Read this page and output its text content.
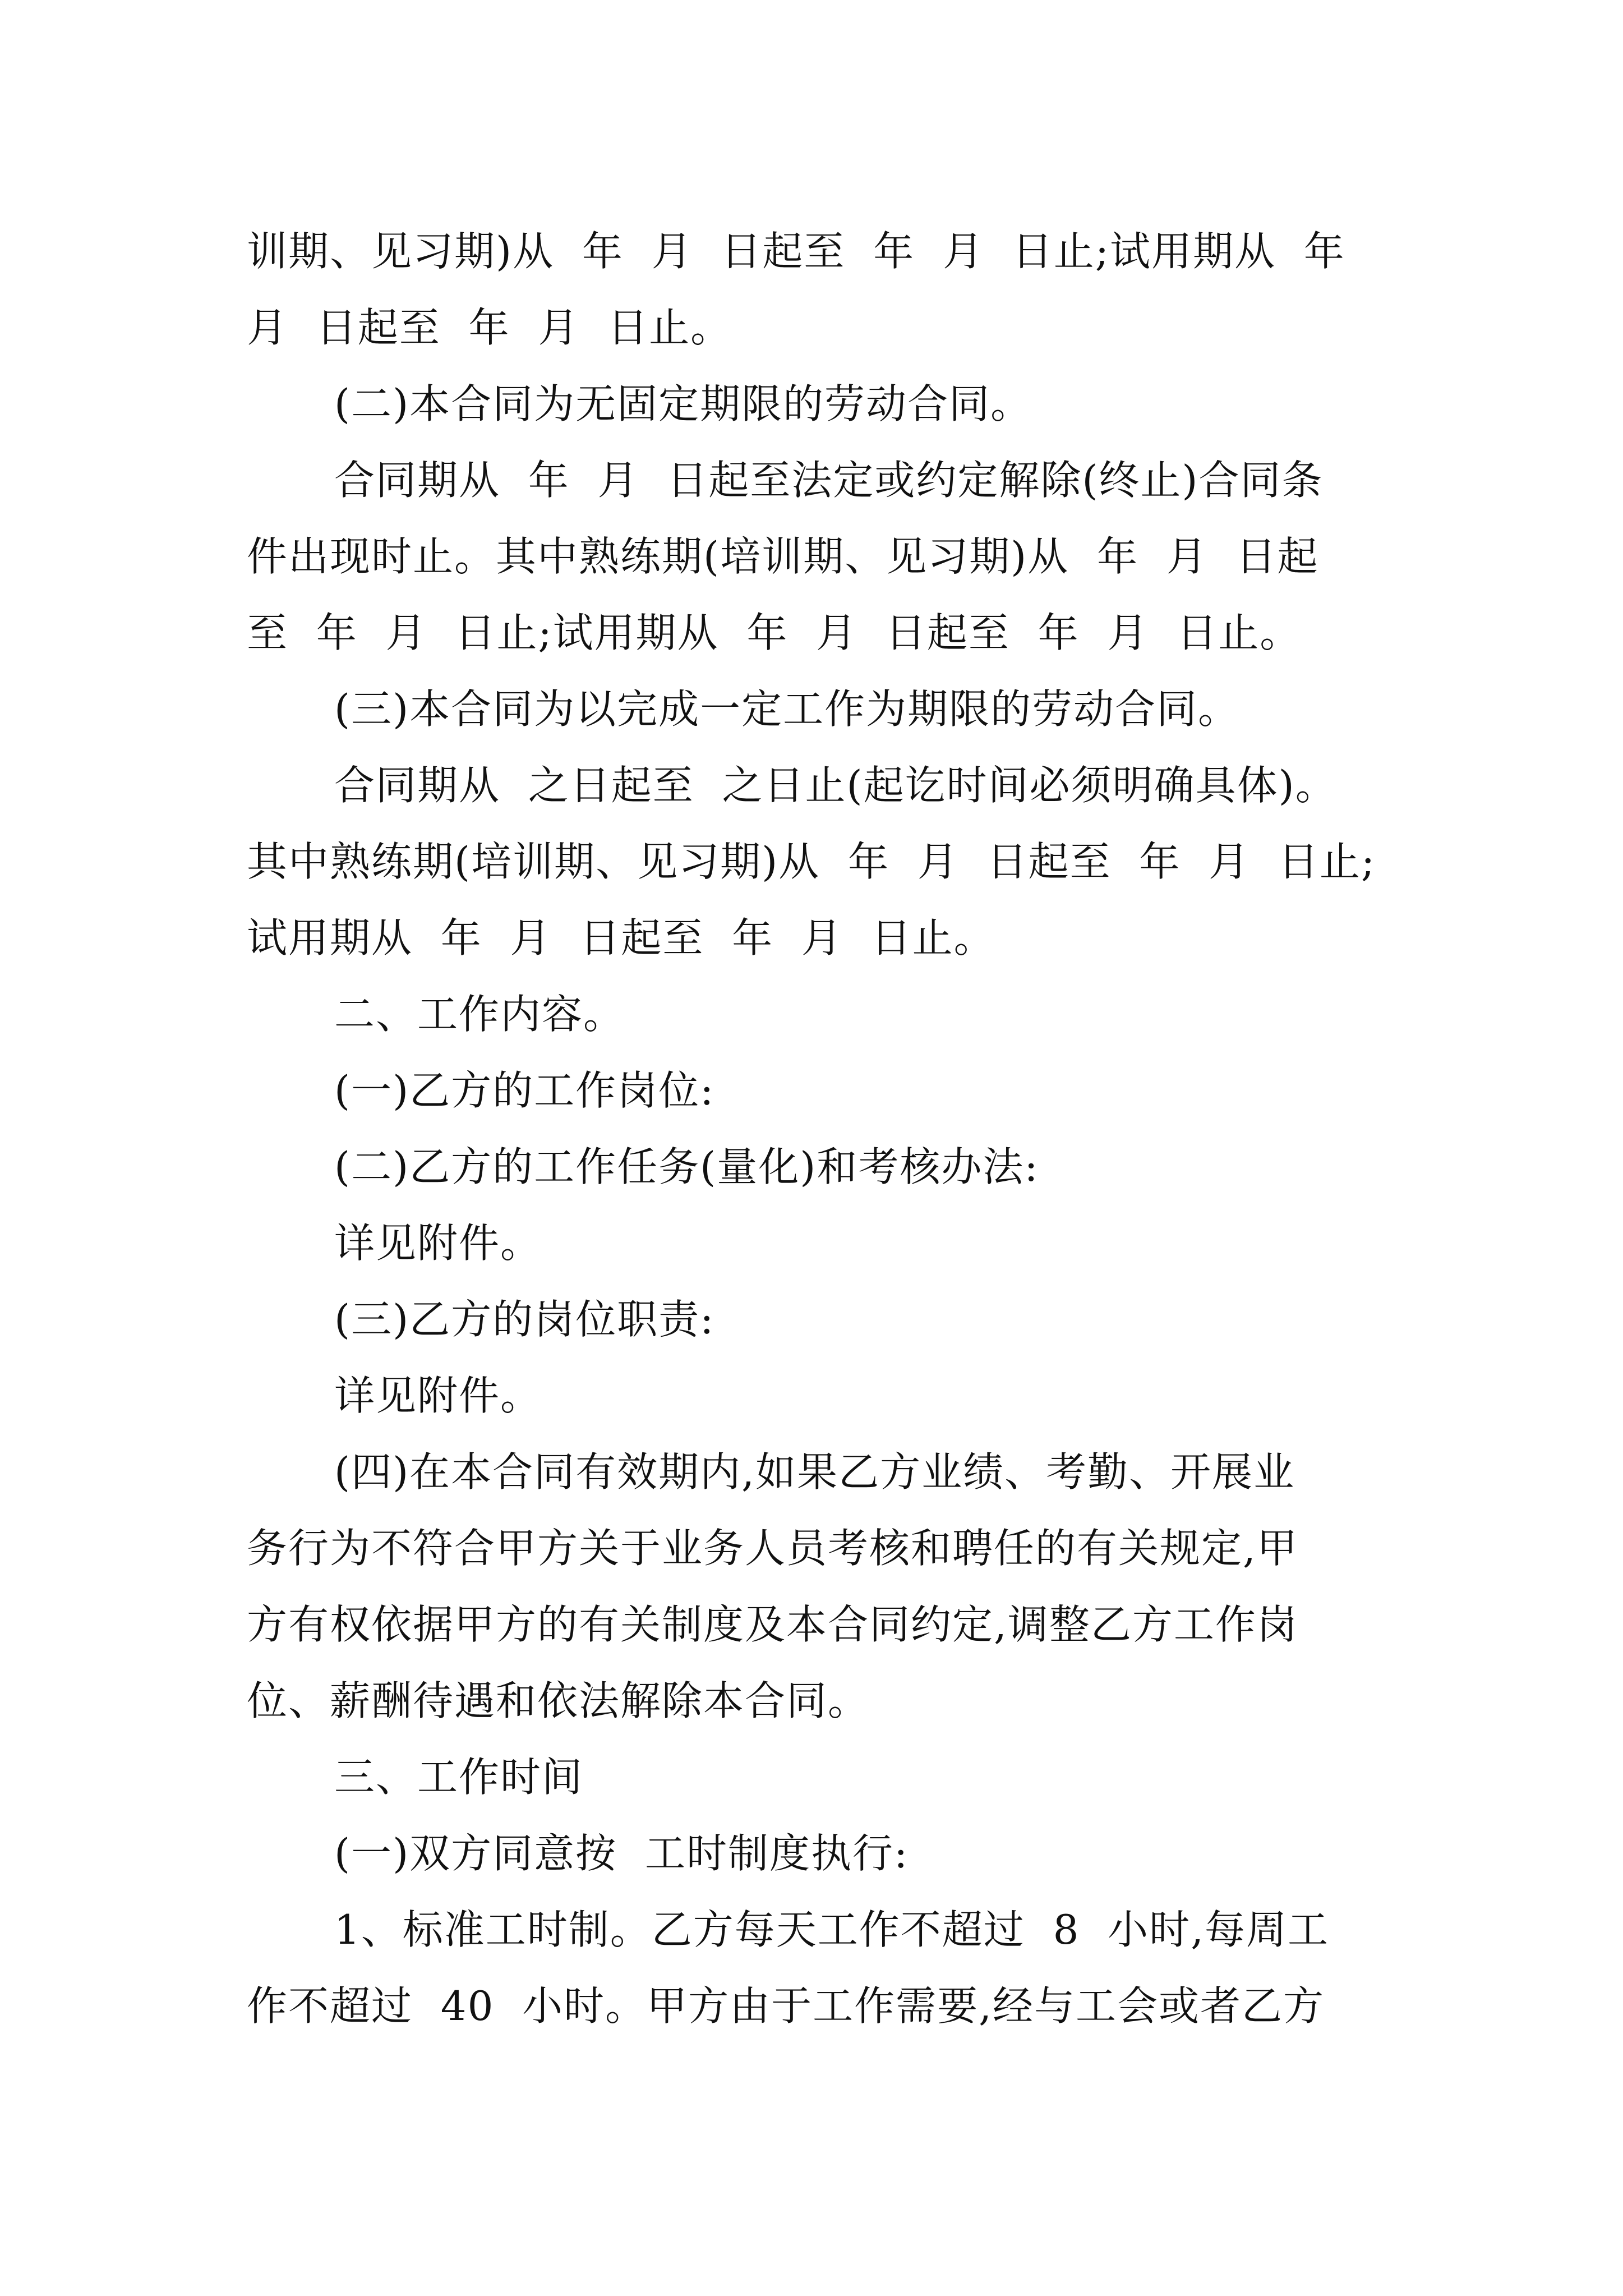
训期、见习期)从  年  月  日起至  年  月  日止;试用期从  年
月  日起至  年  月  日止。
(二)本合同为无固定期限的劳动合同。
合同期从  年  月  日起至法定或约定解除(终止)合同条
件出现时止。其中熟练期(培训期、见习期)从  年  月  日起
至  年  月  日止;试用期从  年  月  日起至  年  月  日止。
(三)本合同为以完成一定工作为期限的劳动合同。
合同期从  之日起至  之日止(起讫时间必须明确具体)。
其中熟练期(培训期、见习期)从  年  月  日起至  年  月  日止;
试用期从  年  月  日起至  年  月  日止。
二、工作内容。
(一)乙方的工作岗位:
(二)乙方的工作任务(量化)和考核办法:
详见附件。
(三)乙方的岗位职责:
详见附件。
(四)在本合同有效期内,如果乙方业绩、考勤、开展业
务行为不符合甲方关于业务人员考核和聘任的有关规定,甲
方有权依据甲方的有关制度及本合同约定,调整乙方工作岗
位、薪酬待遇和依法解除本合同。
三、工作时间
(一)双方同意按  工时制度执行:
1、标准工时制。乙方每天工作不超过  8  小时,每周工
作不超过  40  小时。甲方由于工作需要,经与工会或者乙方
